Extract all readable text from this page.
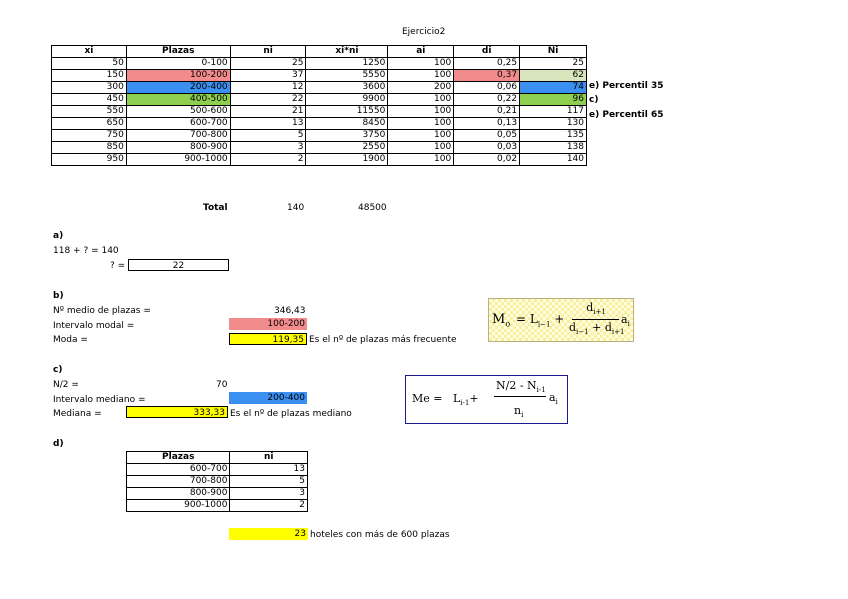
Ejercicio2
xi	Plazas	ni	xi*ni	ai	di	Ni
50	0-100	25	1250	100	0,25	25
150	100-200	37	5550	100	0,37	62
300	200-400	12	3600	200	0,06	74
450	400-500	22	9900	100	0,22	96
550	500-600	21	11550	100	0,21	117
650	600-700	13	8450	100	0,13	130
750	700-800	5	3750	100	0,05	135
850	800-900	3	2550	100	0,03	138
950	900-1000	2	1900	100	0,02	140
Total	140	48500
e) Percentil 35
c)
e) Percentil 65
a)
118 + ? = 140
? =	22
b)
Nº medio de plazas =	346,43
Intervalo modal =	100-200
Moda =	119,35 Es el nº de plazas más frecuente
$M_o = L_{i-1}$ +
$d_{i+1}$
$d_{i-1} + d_{i+1}$
$a_i$
c)
N/2 =	70
Intervalo mediano =	200-400
Mediana =	333,33 Es el nº de plazas mediano
$Me = L_{i-1}+$
$N/2 - N_{i-1}$
$n_i$
$a_i$
d)
Plazas	ni
600-700	13
700-800	5
800-900	3
900-1000	2
23 hoteles con más de 600 plazas
